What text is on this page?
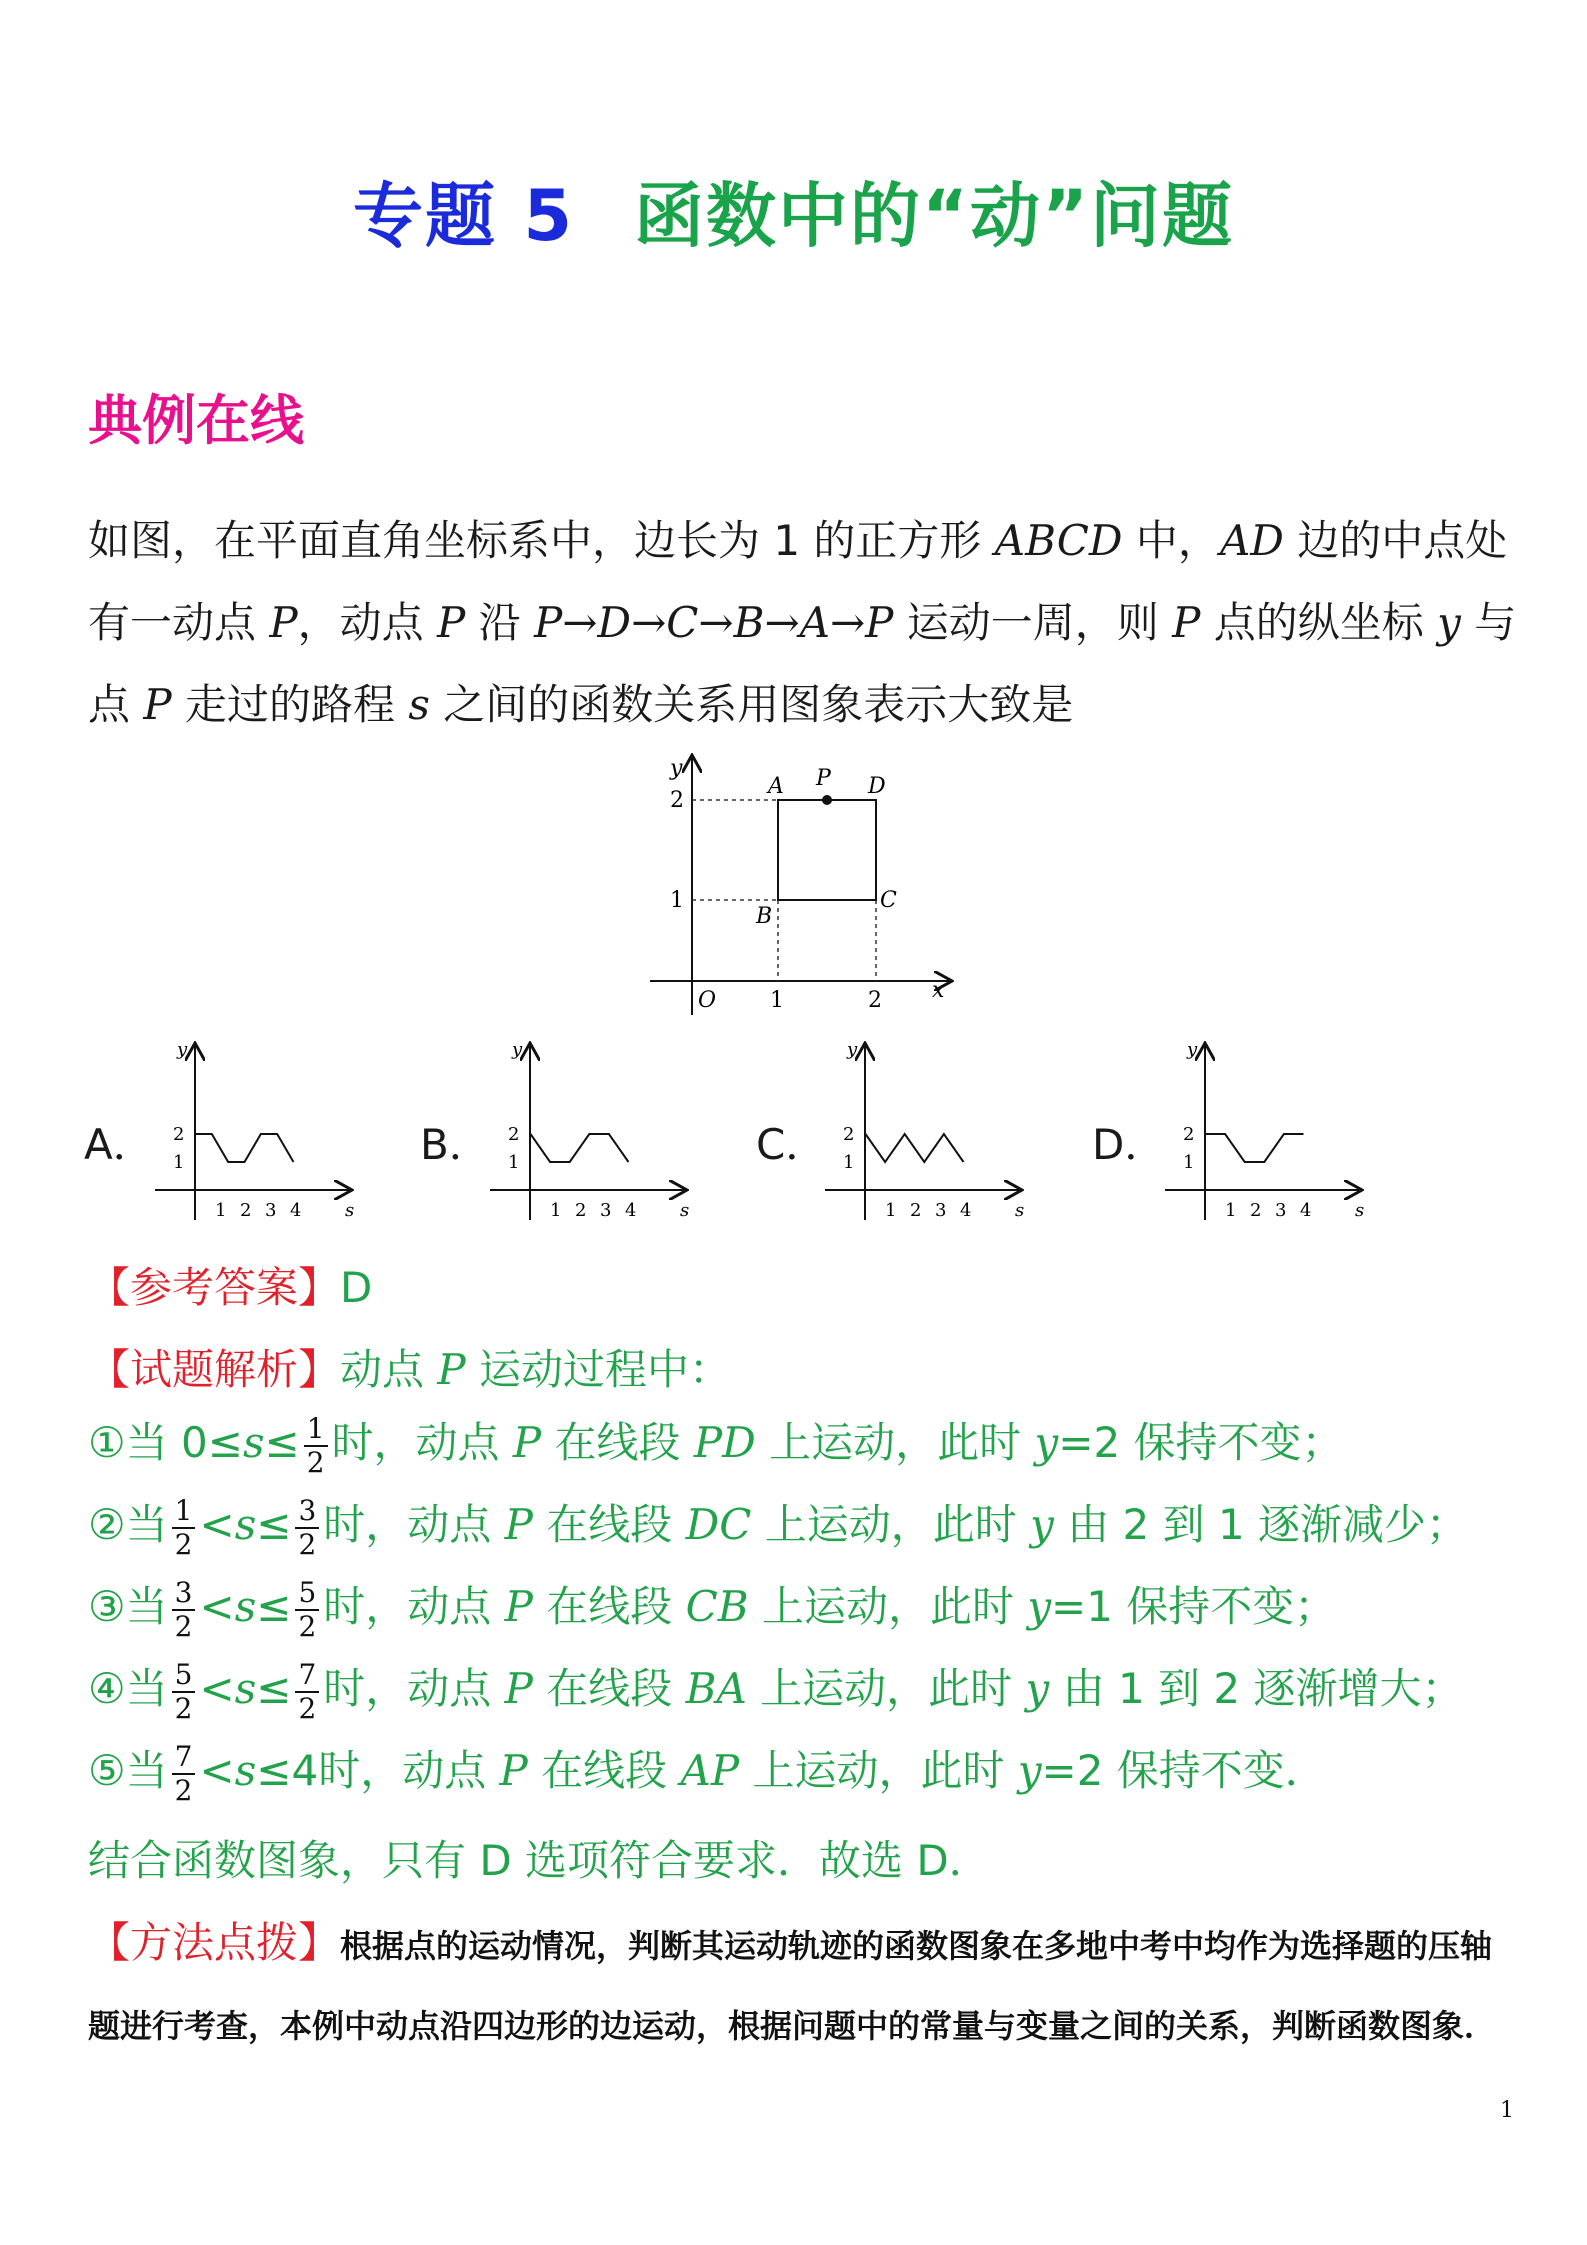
专题 5 函数中的“动”问题
典例在线
如图，在平面直角坐标系中，边长为 1 的正方形 ABCD 中，AD 边的中点处
有一动点 P，动点 P 沿 P→D→C→B→A→P 运动一周，则 P 点的纵坐标 y 与
点 P 走过的路程 s 之间的函数关系用图象表示大致是
y
x
O 1	2
1
2
A P D
B
C
A．	B．	C．	D．
y
s
1
2
1 2 3 4
y
s
1
2
1 2 3 4
y
s
1
2
1 2 3 4
y
s
1
2
1 2 3 4
【参考答案】D
【试题解析】动点 P 运动过程中：
①当 $0\le s\le \frac{1}{2}$ 时，动点 P 在线段 PD 上运动，此时 y=2 保持不变；
②当 $\frac{1}{2} <s\le \frac{3}{2}$ 时，动点 P 在线段 DC 上运动，此时 y 由 2 到 1 逐渐减少；
③当 $\frac{3}{2} <s\le \frac{5}{2}$ 时，动点 P 在线段 CB 上运动，此时 y=1 保持不变；
④当 $\frac{5}{2} <s\le \frac{7}{2}$ 时，动点 P 在线段 BA 上运动，此时 y 由 1 到 2 逐渐增大；
⑤当 $\frac{7}{2} <s\le 4$时，动点 P 在线段 AP 上运动，此时 y=2 保持不变．
结合函数图象，只有 D 选项符合要求．故选 D．
【方法点拨】根据点的运动情况，判断其运动轨迹的函数图象在多地中考中均作为选择题的压轴
题进行考查，本例中动点沿四边形的边运动，根据问题中的常量与变量之间的关系，判断函数图象．
1
